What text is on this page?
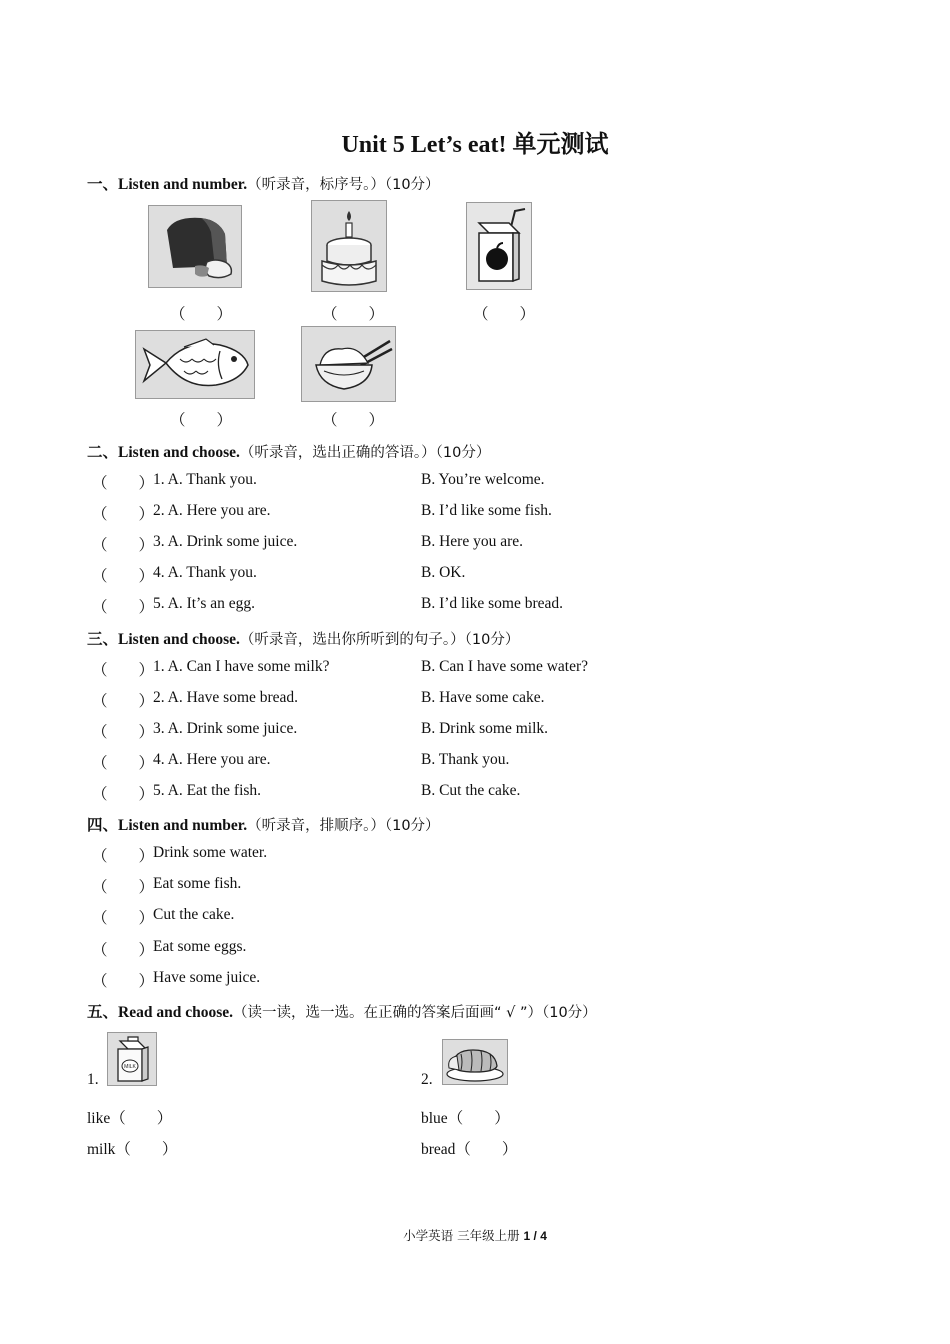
Unit 5 Let’s eat! 单元测试
一、Listen and number.（听录音，标序号。）（10分）
（　　）	（　　）	（　　）
（　　）	（　　）
二、Listen and choose.（听录音，选出正确的答语。）（10分）
（　　）
1. A. Thank you.	B. You’re welcome.
（　　）
2. A. Here you are.	B. I’d like some fish.
（　　）
3. A. Drink some juice.	B. Here you are.
（　　）
4. A. Thank you.	B. OK.
（　　）
5. A. It’s an egg.	B. I’d like some bread.
三、Listen and choose.（听录音，选出你所听到的句子。）（10分）
（　　）
1. A. Can I have some milk?	B. Can I have some water?
（　　）
2. A. Have some bread.	B. Have some cake.
（　　）
3. A. Drink some juice.	B. Drink some milk.
（　　）
4. A. Here you are.	B. Thank you.
（　　）
5. A. Eat the fish.	B. Cut the cake.
四、Listen and number.（听录音，排顺序。）（10分）
（　　）
Drink some water.
（　　）
Eat some fish.
（　　）
Cut the cake.
（　　）
Eat some eggs.
（　　）
Have some juice.
五、Read and choose.（读一读，选一选。在正确的答案后面画“ √ ”）（10分）
1.
MILK
like（　　）
milk（　　）
2.
blue（　　）
bread（　　）
小学英语 三年级上册 1 / 4
